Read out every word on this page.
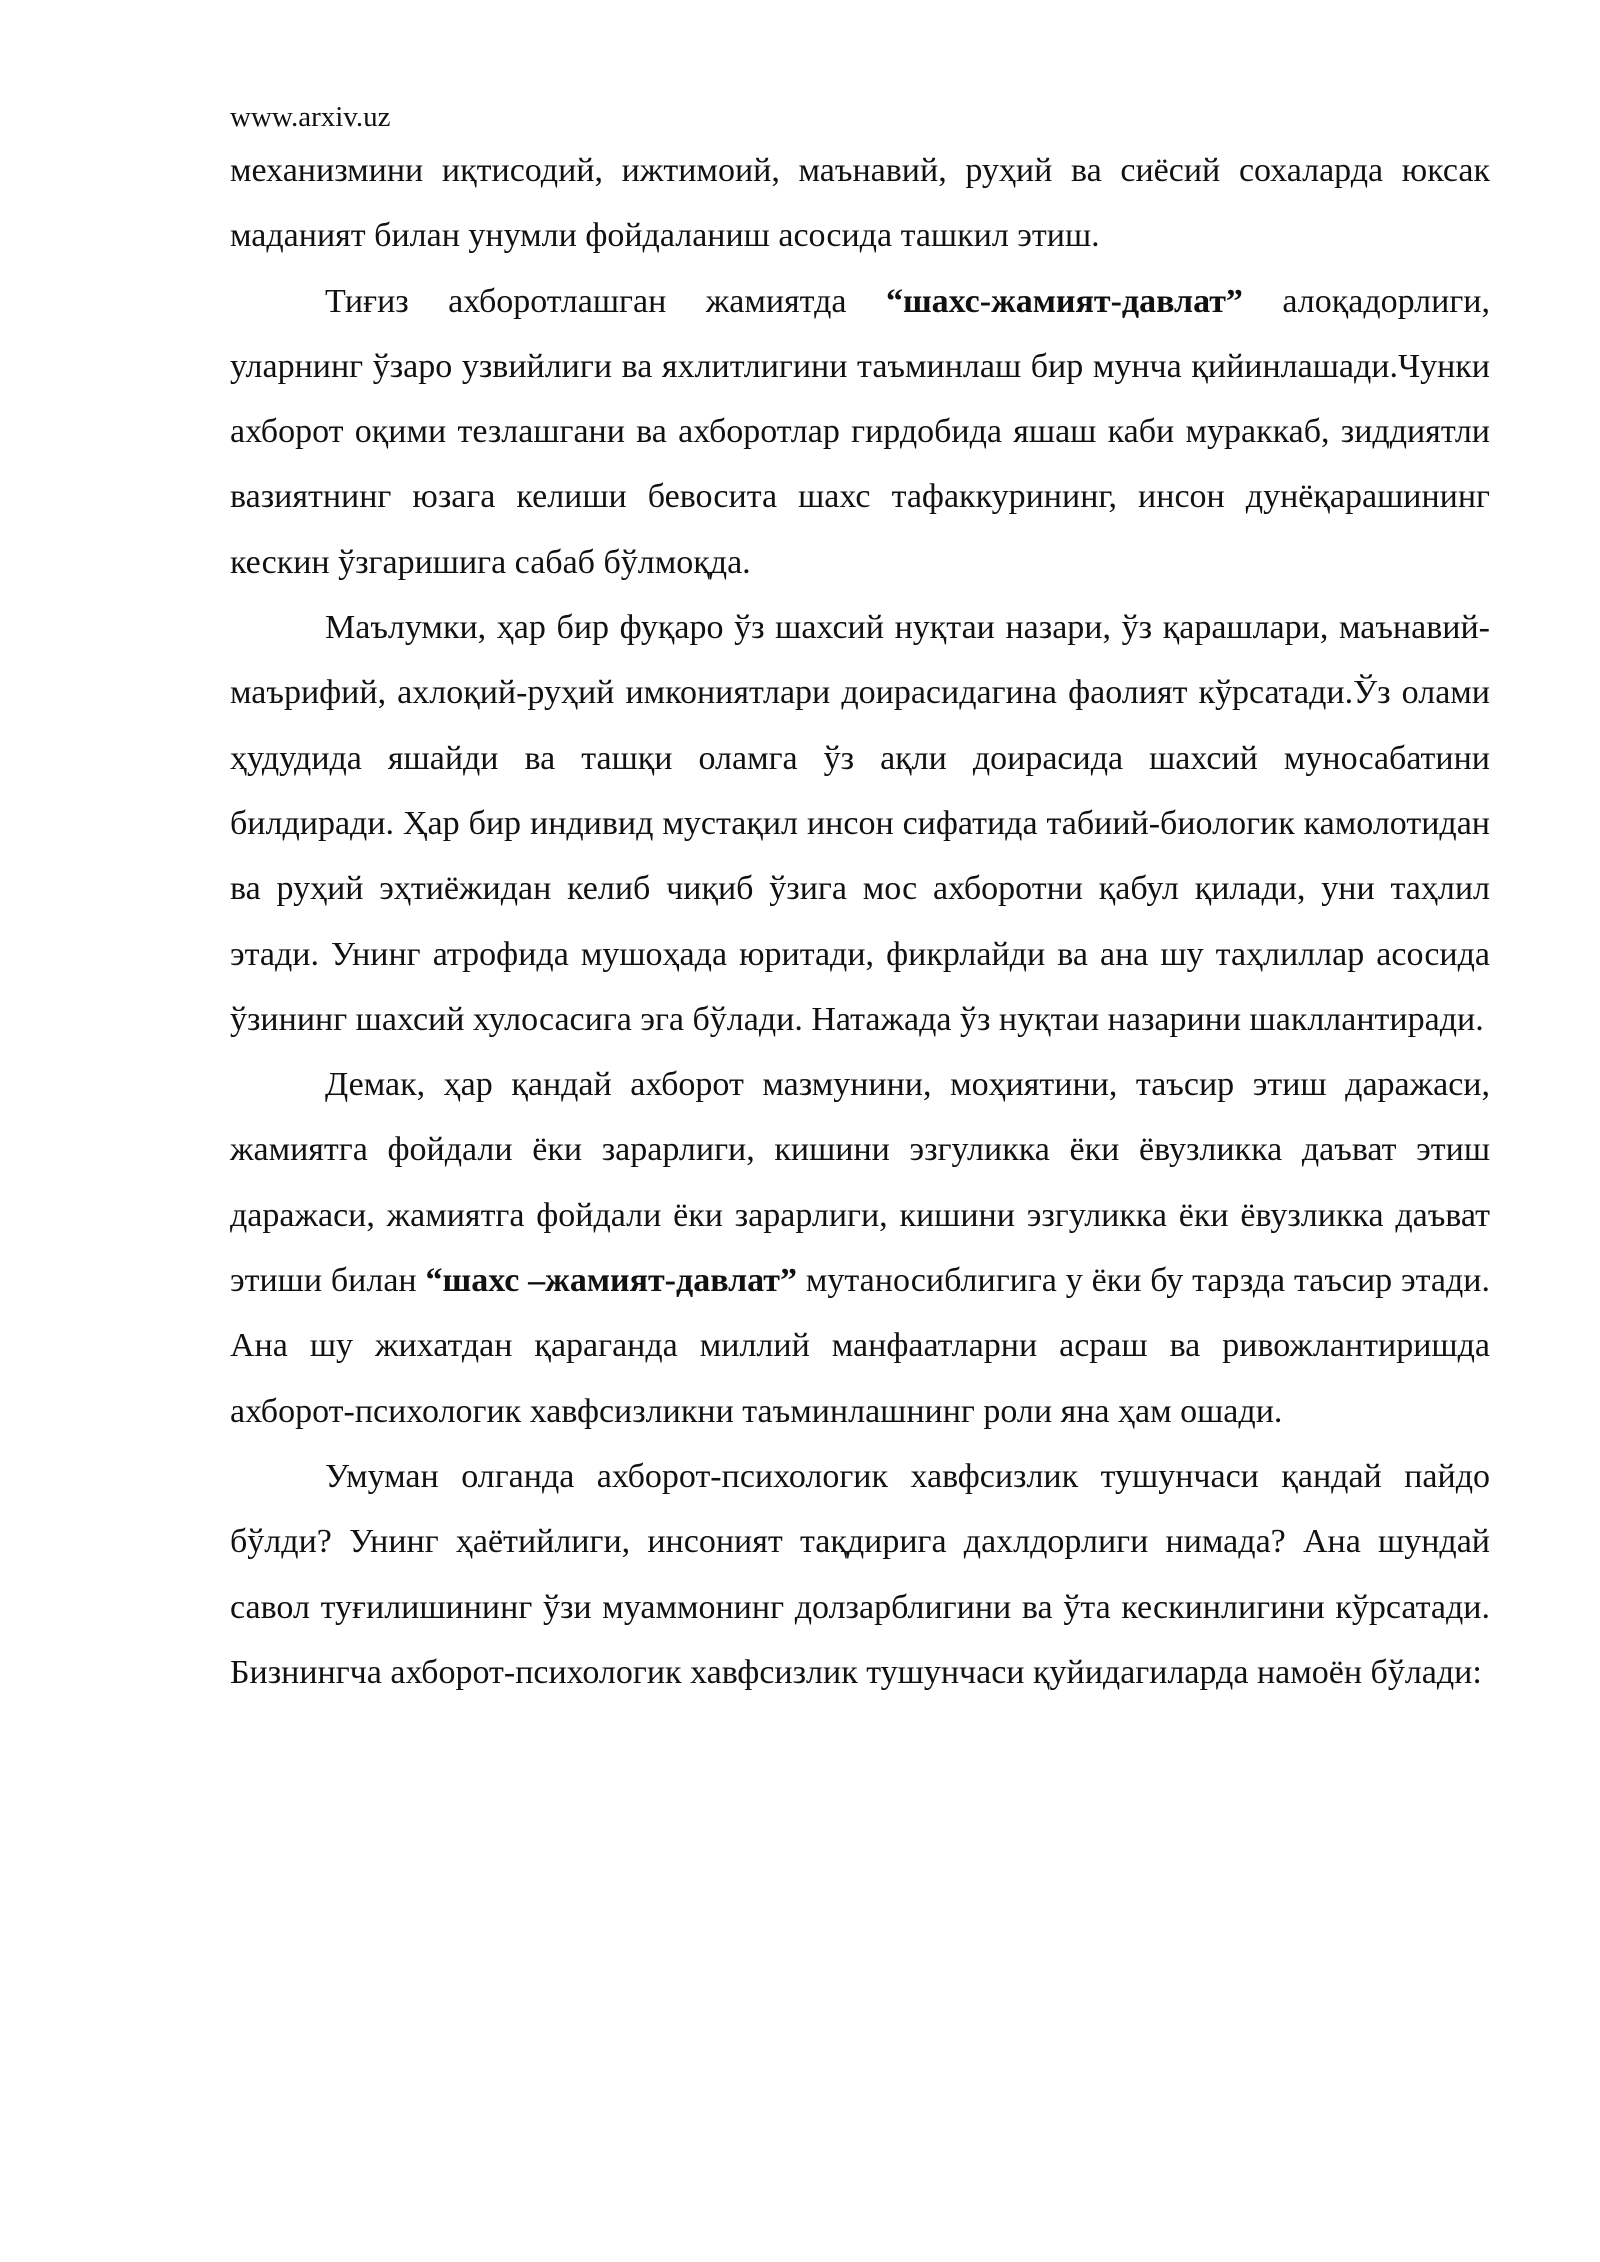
www.arxiv.uz

механизмини иқтисодий, ижтимоий, маънавий, руҳий ва сиёсий сохаларда юксак маданият билан унумли фойдаланиш асосида ташкил этиш.

Тиғиз ахборотлашган жамиятда “шахс-жамият-давлат” алоқадорлиги, уларнинг ўзаро узвийлиги ва яхлитлигини таъминлаш бир мунча қийинлашади.Чунки ахборот оқими тезлашгани ва ахборотлар гирдобида яшаш каби мураккаб, зиддиятли вазиятнинг юзага келиши бевосита шахс тафаккурининг, инсон дунёқарашининг кескин ўзгаришига сабаб бўлмоқда.

Маълумки, ҳар бир фуқаро ўз шахсий нуқтаи назари, ўз қарашлари, маънавий-маърифий, ахлоқий-руҳий имкониятлари доирасидагина фаолият кўрсатади.Ўз олами ҳудудида яшайди ва ташқи оламга ўз ақли доирасида шахсий муносабатини билдиради. Ҳар бир индивид мустақил инсон сифатида табиий-биологик камолотидан ва руҳий эҳтиёжидан келиб чиқиб ўзига мос ахборотни қабул қилади, уни таҳлил этади. Унинг атрофида мушоҳада юритади, фикрлайди ва ана шу таҳлиллар асосида ўзининг шахсий хулосасига эга бўлади. Натажада ўз нуқтаи назарини шакллантиради.

Демак, ҳар қандай ахборот мазмунини, моҳиятини, таъсир этиш даражаси, жамиятга фойдали ёки зарарлиги, кишини эзгуликка ёки ёвузликка даъват этиш даражаси, жамиятга фойдали ёки зарарлиги, кишини эзгуликка ёки ёвузликка даъват этиши билан “шахс –жамият-давлат” мутаносиблигига у ёки бу тарзда таъсир этади. Ана шу жихатдан қараганда миллий манфаатларни асраш ва ривожлантиришда ахборот-психологик хавфсизликни таъминлашнинг роли яна ҳам ошади.

Умуман олганда ахборот-психологик хавфсизлик тушунчаси қандай пайдо бўлди? Унинг ҳаётийлиги, инсоният тақдирига дахлдорлиги нимада? Ана шундай савол туғилишининг ўзи муаммонинг долзарблигини ва ўта кескинлигини кўрсатади. Бизнингча ахборот-психологик хавфсизлик тушунчаси қуйидагиларда намоён бўлади:
